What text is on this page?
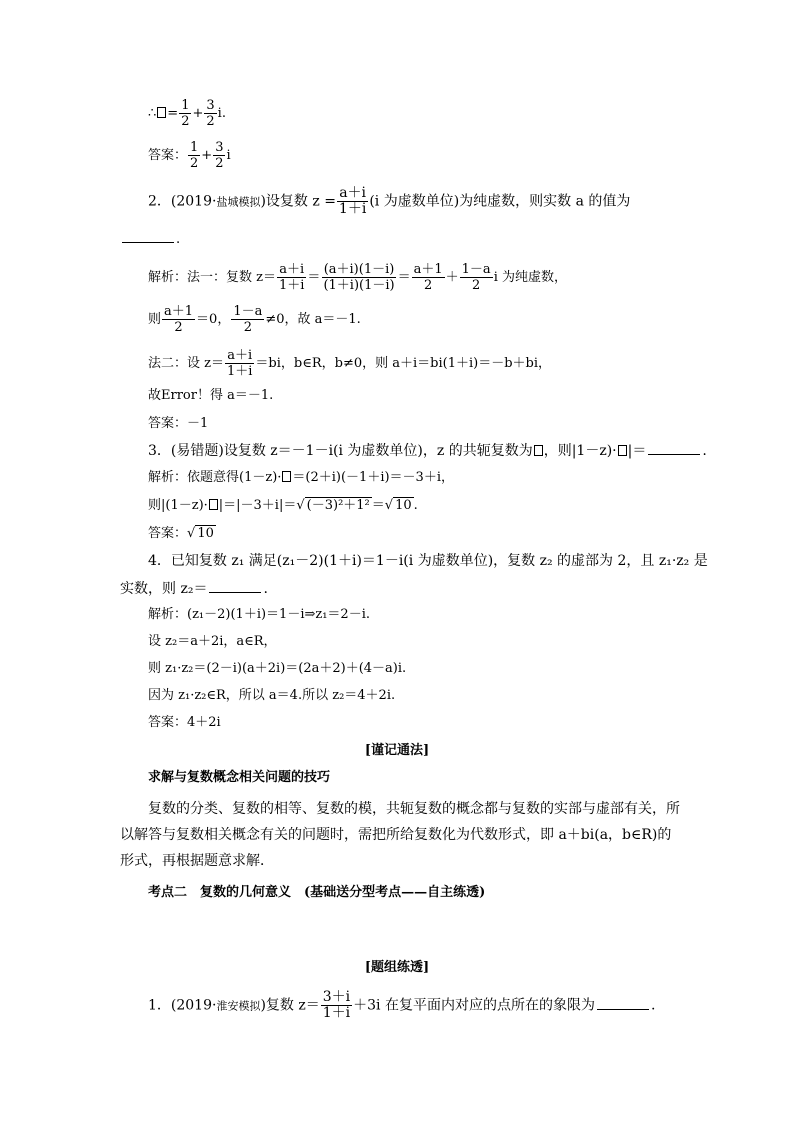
∴ = $\frac{1}{2} + \frac{3}{2} i$.
答案： $\frac{1}{2} + \frac{3}{2}$ i
2．(2019·盐城模拟)设复数 $z = \frac{a+i}{1+i} (i$ 为虚数单位)为纯虚数，则实数 a 的值为
.
解析：法一：复数 $z= \frac{a+i}{1+i} = \frac{(a+i)(1-i)}{(1+i)(1-i)} = \frac{a+1}{2} + \frac{1-a}{2}$ i 为纯虚数，
则 $\frac{a+1}{2} =0$， $\frac{1-a}{2} \ne 0$，故 a＝－1.
法二：设 $z= \frac{a+i}{1+i} =bi$，b∈R，b≠0，则 a＋i＝bi(1＋i)＝－b＋bi，
故Error！得 a＝－1.
答案：－1
3．(易错题)设复数 z＝－1－i(i 为虚数单位)，z 的共轭复数为 ，则|1－z)· |＝	.
解析：依题意得(1－z)· ＝(2＋i)(－1＋i)＝－3＋i，
则|(1－z)· |＝|－3＋i|＝√ (－3)²＋1² ＝√ 10 .
答案：√ 10
4．已知复数 z₁ 满足(z₁－2)(1＋i)＝1－i(i 为虚数单位)，复数 z₂ 的虚部为 2，且 z₁·z₂ 是
实数，则 z₂＝	.
解析：(z₁－2)(1＋i)＝1－i⇒z₁＝2－i.
设 z₂＝a＋2i，a∈R，
则 z₁·z₂＝(2－i)(a＋2i)＝(2a＋2)＋(4－a)i.
因为 z₁·z₂∈R，所以 a＝4.所以 z₂＝4＋2i.
答案：4＋2i
[谨记通法]
求解与复数概念相关问题的技巧
复数的分类、复数的相等、复数的模，共轭复数的概念都与复数的实部与虚部有关，所以解答与复数相关概念有关的问题时，需把所给复数化为代数形式，即 a＋bi(a，b∈R)的形式，再根据题意求解．
考点二　复数的几何意义　(基础送分型考点——自主练透)
[题组练透]
1．(2019·淮安模拟)复数 $z= \frac{3+i}{1+i} +3i$ 在复平面内对应的点所在的象限为	.
